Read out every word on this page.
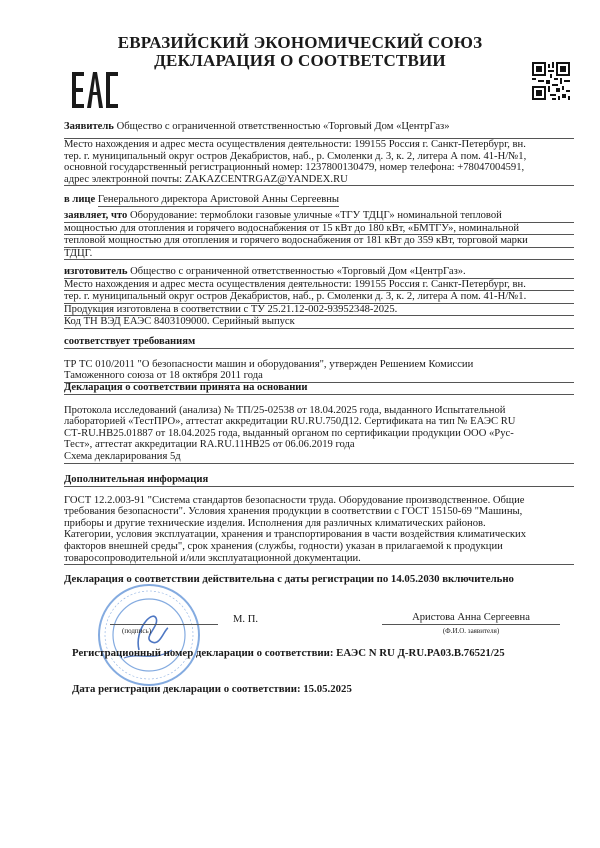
ЕВРАЗИЙСКИЙ ЭКОНОМИЧЕСКИЙ СОЮЗ
ДЕКЛАРАЦИЯ О СООТВЕТСТВИИ
Заявитель Общество с ограниченной ответственностью «Торговый Дом «ЦентрГаз»
Место нахождения и адрес места осуществления деятельности: 199155 Россия г. Санкт-Петербург, вн.
тер. г. муниципальный округ остров Декабристов, наб., р. Смоленки д. 3, к. 2, литера А пом. 41-Н/№1,
основной государственный регистрационный номер: 1237800130479, номер телефона: +78047004591,
адрес электронной почты: ZAKAZCENTRGAZ@YANDEX.RU
в лице Генерального директора Аристовой Анны Сергеевны
заявляет, что Оборудование: термоблоки газовые уличные «ТГУ ТДЦГ» номинальной тепловой
мощностью для отопления и горячего водоснабжения от 15 кВт до 180 кВт, «БМТГУ», номинальной
тепловой мощностью для отопления и горячего водоснабжения от 181 кВт до 359 кВт, торговой марки
ТДЦГ.
изготовитель Общество с ограниченной ответственностью «Торговый Дом «ЦентрГаз».
Место нахождения и адрес места осуществления деятельности: 199155 Россия г. Санкт-Петербург, вн.
тер. г. муниципальный округ остров Декабристов, наб., р. Смоленки д. 3, к. 2, литера А пом. 41-Н/№1.
Продукция изготовлена в соответствии с ТУ 25.21.12-002-93952348-2025.
Код ТН ВЭД ЕАЭС 8403109000. Серийный выпуск
соответствует требованиям
ТР ТС 010/2011 "О безопасности машин и оборудования", утвержден Решением Комиссии
Таможенного союза от 18 октября 2011 года
Декларация о соответствии принята на основании
Протокола исследований (анализа) № ТП/25-02538 от 18.04.2025 года, выданного Испытательной
лабораторией «ТестПРО», аттестат аккредитации RU.RU.750Д12. Сертификата на тип № ЕАЭС RU
СТ-RU.НВ25.01887 от 18.04.2025 года, выданный органом по сертификации продукции ООО «Рус-
Тест», аттестат аккредитации RA.RU.11НВ25 от 06.06.2019 года
Схема декларирования 5д
Дополнительная информация
ГОСТ 12.2.003-91 "Система стандартов безопасности труда. Оборудование производственное. Общие
требования безопасности". Условия хранения продукции в соответствии с ГОСТ 15150-69 "Машины,
приборы и другие технические изделия. Исполнения для различных климатических районов.
Категории, условия эксплуатации, хранения и транспортирования в части воздействия климатических
факторов внешней среды", срок хранения (службы, годности) указан в прилагаемой к продукции
товаросопроводительной и/или эксплуатационной документации.
Декларация о соответствии действительна с даты регистрации по 14.05.2030 включительно
(подпись)
М. П.	Аристова Анна Сергеевна
(Ф.И.О. заявителя)
Регистрационный номер декларации о соответствии: ЕАЭС N RU Д-RU.PA03.B.76521/25
Дата регистрации декларации о соответствии: 15.05.2025
